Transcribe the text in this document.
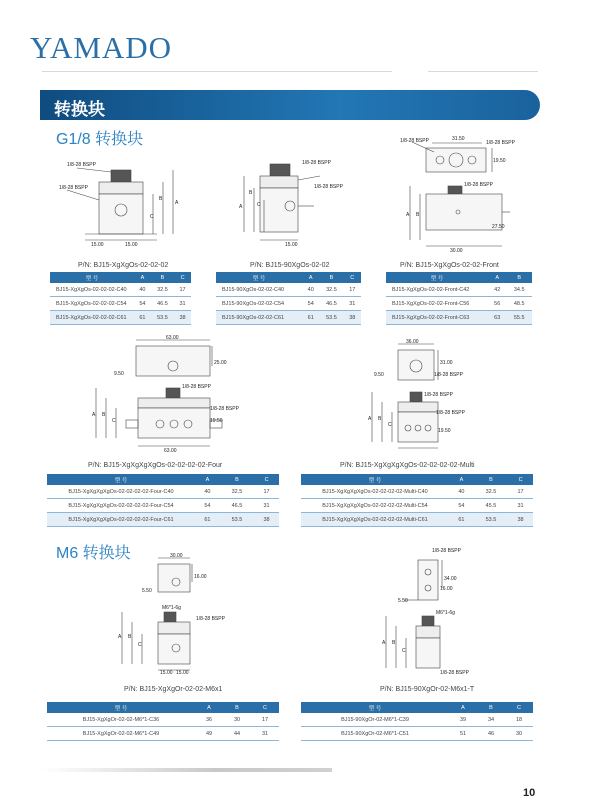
YAMADO
转换块
G1/8 转换块
1/8-28 BSPP
1/8-28 BSPP
C
B
A
15.00	15.00
1/8-28 BSPP
1/8-28 BSPP
A
B
C
15.00
1/8-28 BSPP	31.50
1/8-28 BSPP
19.50
1/8-28 BSPP
A B
27.50
30.00
P/N: BJ15-XgXgOs-02-02-02	P/N: BJ15-90XgOs-02-02	P/N: BJ15-XgXgOs-02-02-Front
型 号	A	B	C
BJ15-XgXgOs-02-02-02-C40	40	32.5	17
BJ15-XgXgOs-02-02-02-C54	54	46.5	31
BJ15-XgXgOs-02-02-02-C61	61	53.5	38
型 号	A	B	C
BJ15-90XgOs-02-02-C40	40	32.5	17
BJ15-90XgOs-02-02-C54	54	46.5	31
BJ15-90XgOs-02-02-C61	61	53.5	38
型 号	A	B
BJ15-XgXgOs-02-02-Front-C42	42	34.5
BJ15-XgXgOs-02-02-Front-C56	56	48.5
BJ15-XgXgOs-02-02-Front-C63	63	55.5
63.00
25.00
9.50
1/8-28 BSPP
1/8-28 BSPP
A B
C	19.50
63.00
36.00
31.00
9.50	1/8-28 BSPP
1/8-28 BSPP
1/8-28 BSPP
A B
C
19.50
P/N: BJ15-XgXgXgXgOs-02-02-02-02-Four	P/N: BJ15-XgXgXgXgOs-02-02-02-02-Multi
型 号	A	B	C
BJ15-XgXgXgXgOs-02-02-02-02-Four-C40	40	32.5	17
BJ15-XgXgXgXgOs-02-02-02-02-Four-C54	54	46.5	31
BJ15-XgXgXgXgOs-02-02-02-02-Four-C61	61	53.5	38
型 号	A	B	C
BJ15-XgXgXgXgOs-02-02-02-02-Multi-C40	40	32.5	17
BJ15-XgXgXgXgOs-02-02-02-02-Multi-C54	54	45.5	31
BJ15-XgXgXgXgOs-02-02-02-02-Multi-C61	61	53.5	38
M6 转换块	30.00
16.00
5.50
M6*1-6g
1/8-28 BSPP
A B
C
15.00 15.00
1/8-28 BSPP
34.00
16.00
5.50
M6*1-6g
A B
C
1/8-28 BSPP
P/N: BJ15-XgXgOr-02-02-M6x1	P/N: BJ15-90XgOr-02-M6x1-T
型 号	A	B	C
BJ15-XgXgOr-02-02-M6*1-C36	36	30	17
BJ15-XgXgOr-02-02-M6*1-C49	49	44	31
型 号	A	B	C
BJ15-90XgOr-02-M6*1-C39	39	34	18
BJ15-90XgOr-02-M6*1-C51	51	46	30
10
